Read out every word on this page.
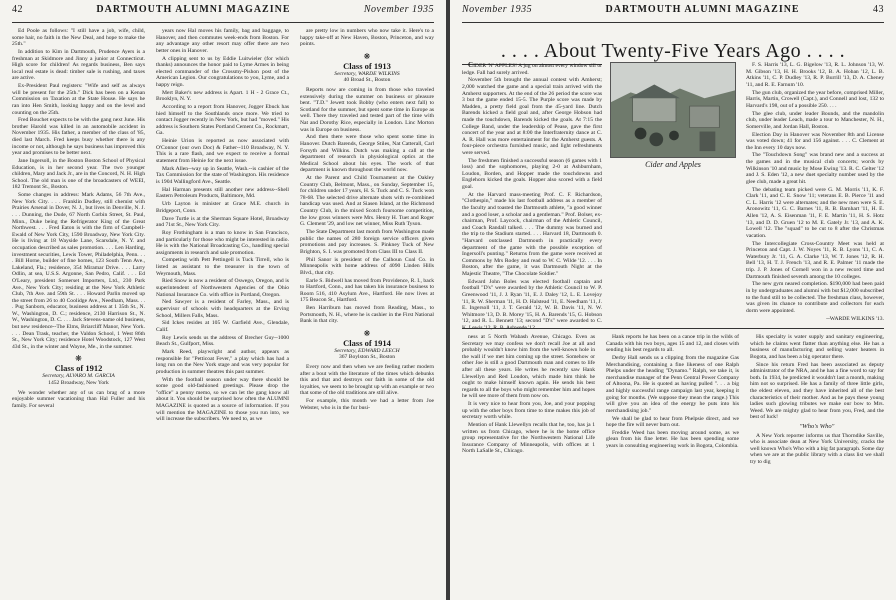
42	DARTMOUTH ALUMNI MAGAZINE	November 1935

Ed Poole as follows: "I still have a job, wife, child, some hair, no faith in the New Deal, and hope to make the 25th."

In addition to Kim in Dartmouth, Prudence Ayers is a freshman at Skidmore and Jinny a junior at Connecticut. High score for children! As regards business, Ben says local real estate is dead: timber sale is rushing, and taxes are active.

Ex-President Paul registers: "Wife and self as always will be present for the 25th." Dick has been on a Kenan Commission on Taxation at the State House. He says he ran into Hen Smith, looking happy and on the level and counting on the 25th.

Fred Bouchet expects to be with the gang next June. His brother Harold was killed in an automobile accident in November 1935. His father, a member of the class of '85, died last March. Fred keeps busy whether there is any income or not, although he says business has improved this year and promises to be better next.

Jane Ingersoll, in the Boston Boston School of Physical Education, is in her second year. The two younger children, Mary and Jack Jr., are in the Concord, N. H. High School. The old man is one of the broadcasters of WEEI, 182 Tremont St., Boston.

Some changes in address: Mark Adams, 56 7th Ave., New York City. . . . Franklin Dudley, still chemist with Prairies Arsenal in Dover, N. J., but lives in Denville, N. J. . . . Dunning, the Dude, 67 North Corbin Street, St. Paul, Minn., Duke being the Refrigerator King of the Great Northwest. . . . Fred Eaton is with the firm of Campbell-Ewald of New York City, 1590 Broadway, New York City. He is living at 18 Wayside Lane, Scarsdale, N. Y. and occupation described as sales promotion. . . . Len Harding, investment securities, Lewis Tower, Philadelphia, Penn. . . . Bill Horne, builder of fine homes, 123 South Tenn Ave., Lakeland, Fla.; residence, 354 Miramar Drive. . . . Larry Odlin, at sea, U.S.S. Argonne, San Pedro, Calif. . . . Ed O'Leary, president Somerset Importers, Ltd., 230 Park Ave., New York City; residing at the New York Athletic Club, 7th Ave. and 59th St. . . . Howard Parlin moved up the street from 26 to 40 Coolidge Ave., Needham, Mass. . . . Pug Sanborn, educator, business address at 1 35th St., N. W., Washington, D. C.; residence, 2130 Harrison St., N. W., Washington, D. C. . . . Jack Stevens-name old business, but new residence--The Elms, Briarcliff Manor, New York. . . . Dean Trask, teacher, the Valdon School, 1 West 86th St., New York City; residence Hotel Woodstock, 127 West 43d St., in the winter and Wayne, Me., in the summer.

❋
Class of 1912
Secretary, ALVARO M. GARCIA
1452 Broadway, New York

We wonder whether any of us can brag of a more enjoyable summer vacationing than Hal Fuller and his family. For several

years now Hal moves his family, bag and baggage, to Hanover, and then commutes week-ends from Boston. For any advantage any other resort may offer there are two better ones in Hanover.

A clipping sent to us by Eddie Luitwieler (for which thanks) announces the honor paid to Lyme Armes in being elected commander of the Crossmy-Pishon post of the American Legion. Our congratulations to you, Lyme, and a happy reign.

Mert Baker's new address is Apart. 1 H - 2 Grace Ct., Brooklyn, N. Y.

According to a report from Hanover, Jogger Ebuck has hied himself to the Southlands once more. We tried to contact Jogger recently in New York, but had "moved." His address is Southern States Portland Cement Co., Rockmart, Ga.

Heinie Urion is reported as now associated with O'Connor (our own Doc) & Father--110 Broadway, N. Y. This is a rare flash, and we expect to receive a formal statement from Heinie for the next issue.

Mark Allen--way up in Seattle, Wash.--is cashier of the Tax Commission for the state of Washington. His residence is 1904 Wallingford Ave., Seattle.

Hal Harman presents still another new address--Shell Eastern Petroleum Products, Baltimore, Md.

Urb Layton is minister at Grace M.E. church in Bridgeport, Conn.

Dave Turtle is at the Sherman Square Hotel, Broadway and 71st St., New York City.

Roy Frothingham is a man to know in San Francisco, and particularly for those who might be interested in radio. He is with the National Broadcasting Co., handling special assignments in research and sale promotion.

Competing with Pett Pettingell is Tuck Tirrell, who is listed as assistant to the treasurer in the town of Weymouth, Mass.

Ried Snow is now a resident of Oswego, Oregon, and is superintendent of Northwestern Agencies of the Ohio National Insurance Co. with office in Portland, Oregon.

Ned Sawyer is a resident of Farley, Mass., and is supervisor of schools with headquarters at the Erving School, Millers Falls, Mass.

Sid Ickes resides at 105 W. Garfield Ave., Glendale, Calif.

Roy Lewis sends us the address of Brecher Guy--1000 Beach St., Gulfport, Miss.

Mark Reed, playwright and author, appears as responsible for "Petticoat Fever," a play which has had a long run on the New York stage and was very popular for production in summer theatres this past summer.

With the football season under way there should be some good old-fashioned greetings. Please drop the "office" a penny memo, so we can let the gang know all about it. You should be surprised how often the ALUMNI MAGAZINE is quoted as a source of information. If you will mention the MAGAZINE to those you run into, we will increase the subscribers. We need to, as we

are pretty low in numbers who now take it. Here's to a happy take-off at New Haven, Boston, Princeton, and way points.

❋
Class of 1913
Secretary, WARDE WILKINS
40 Broad St., Boston

Reports now are coming in from those who traveled extensively during the summer on business or pleasure bent. "T.D." Jewett took Bobby (who enters next fall) to Scotland for the summer, but spent some time in Europe as well. There they traveled and tested part of the time with Nat and Dorothy Rice, especially in London. Linc Morton was in Europe on business.

And then there were those who spent some time in Hanover. Dutch Barends, George Stiles, Nat Catterall, Carl Forsyth and Wilkins. Dutch was making a call at the department of research in physiological optics at the Medical School about his eyes. The work of that department is known throughout the world now.

At the Parent and Child Tournament at the Oakley Country Club, Belmont, Mass., on Sunday, September 15, for children under 17 years, H. S. Tuck and C. S. Tuck won 78-68. The selected drive alternate shots with re-combined handicap was used. And at Siasen Island, at the Richmond Country Club, in the mixed Scotch foursome competition, the low gross winners were Mrs. Henry H. Tuet and Roger G. Clement '29, and low net winner, Miss Ruth Tyson.

The State Department last month from Washington made public the names of 280 foreign service officers given promotions and pay increases. S. Pinkney Tuck of New Brighton, S. I. was promoted from Class III to Class II.

Phil Sanor is president of the Calhoun Coal Co. in Minneapolis with home address of 4090 Linden Hills Blvd., that city.

Earle S. Bidwell has moved from Providence, R. I., back to Hartford, Conn., and has taken his insurance business to Room 516, 410 Asylum Ave., Hartford. He now lives at 175 Beacon St., Hartford.

Ben Harriburn has moved from Reading, Mass., to Portsmouth, N. H., where he is cashier in the First National Bank in that city.

❋
Class of 1914
Secretary, EDWARD LEECH
367 Boylston St., Boston

Every now and then when we are feeling rather modern after a bout with the literature of the times which debunks this and that and destroys our faith in some of the old loyalties, we seem to be brought up with an example or two that some of the old traditions are still alive.

For example, this month we had a letter from Joe Webster, who is in the fur busi-

November 1935	DARTMOUTH ALUMNI MAGAZINE	43
. . . . About Twenty-Five Years Ago . . . .

CIDER 'N' APPLES! A jug on almost every window sill or ledge. Fall had surely arrived.

November 5th brought the annual contest with Amherst; 2,000 watched the game and a special train arrived with the Amherst supporters. At the end of the 26 period the score was 3 but the game ended 15-5. The Purple score was made by Madden, a pretty field goal from the 45-yard line. Dutch Barends kicked a field goal and, after George Hobson had made the touchdown, Barends kicked the goals. At 7:15 the College Band, under the leadership of Pease, gave the first concert of the year and at 8:00 the Interfraternity dance at C. A. R. Hall was more entertainment for the Amherst guests. A four-piece orchestra furnished music, and light refreshments were served.

The freshmen finished a successful season (6 games with 1 loss) and the sophomores, playing 2-0 at Ashburnham, Loudon, Borden, and Hopper made the touchdowns and Englehorn kicked the goals. Hopper also scored with a field goal.

At the Harvard mass-meeting Prof. C. F. Richardson, "Clothespin," made his last football address as a member of the faculty and toasted the Dartmouth athlete, "a good winner and a good loser, a scholar and a gentleman." Prof. Bolser, ex-chairman, Prof. Laycock, chairman of the Athletic Council, and Coach Randall talked. . . . The dummy was burned and the trip to the Stadium started. . . . Harvard 18, Dartmouth 0. "Harvard outclassed Dartmouth in practically every department of the game with the possible exception of Ingersoll's punting." Returns from the game were received at Commons by Mrs Rodey and read to W. C. Wilde '12. . . . In Boston, after the game, it was Dartmouth Night at the Majestic Theatre, "The Chocolate Soldier."

Edward John Boles was elected football captain and football "D's" were awarded by the Athletic Council to W. P. Greenwood '11, J. J. Ryan '11, E. J. Daley '12, L. E. Lovejoy '11, R. W. Sherman '11, H. D. Halstead '11, E. Needham '11, J. E. Ingersoll '11, J. T. Gerald '12, W. B. Davis '11, N. W. Whitmore '13, D. B. Morey '15, H. A. Barends '15, G. Hobson '12, and R. L. Bennett '13; second "D's" were awarded to C.

Cider and Apples

F. S. Harris '13, L. G. Bigelow '13, R. L. Johnson '13, W. M. Gibson '13, H. H. Brooks '12, B. A. Hoban '12, L. B. Atkins '11, C. P. Dudley '13, R. P. Burrill '13, D. A. Cheney '11, and R. E. Farnum '10.

The gun club, organized the year before, comprised Miller, Harris, Martin, Crowell (Capt.), and Connell and lost, 132 to Harvard's 198, out of a possible 250. . . .

The glee club, under leader Bounds, and the mandolin club, under leader Leach, made a tour to Manchester, N. H., Somerville, and Jordan Hall, Boston.

Election Day in Hanover was November 8th and License was voted down; 41 for and 156 against. . . . C. Clement at the Inn every 10 days now.

The "Touchdown Song" was brand new and a success at the games and in the musical club concerts; words by Wilkinson '10 and music by Mose Ewing '13. R. C. Gelter '12 and J. S. Eden '12, a new duet specialty number used by the glee club, made a great hit.

The debating team picked were G. M. Morris '11, K. F. Clark '11, and C. E. Snow '11; veterans E. B. Pierce '11 and C. L. Harris '12 were alternates; and the new men were S. E. Aronowitz '11, G. C. Barnes '11, R. B. Barnhart '11, H. E. Allen '12, A. S. Eisenman '11, F. E. Martin '11, H. S. Hotz '13, and D. D. Gruen '12 to M. E. Gately Jr. '13, and A. K. Lowell '12. The "squad" to be cut to 8 after the Christmas vacation.

The Intercollegiate Cross-Country Meet was held at Princeton and Capt. J. W. Noyes '11, R. B. Lyons '11, C. A. Waterbury Jr. '11, G. A. Clarke '13, W. T. Jones '12, R. H. Bell '13, H. T. J. French '13, and R. E. Palmer '11 made the trip. J. P. Jones of Cornell won in a new record time and Dartmouth finished seventh among the 10 colleges.

The new gym neared completion. $190,000 had been paid in by undergraduates and alumni with but $12,000 subscribed to the fund still to be collected. The freshman class, however, was given its chance to contribute and collectors for each dorm were appointed.

--WARDE WILKINS '13.

ness at 5 North Wabash Avenue, Chicago. Even as Secretary we may confess we don't recall Joe at all and probably wouldn't know him from the well-known hole in the wall if we met him coming up the street. Somehow or other Joe is still a good Dartmouth man and comes to life after all these years. He writes he recently saw Hank Llewellyn and Red Loudon, which made him think he ought to make himself known again. He sends his best regards to all the boys who might remember him and hopes he will see more of them from now on.

It is very nice to hear from you, Joe, and your popping up with the other boys from time to time makes this job of secretary worth while.

Mention of Hank Llewellyn recalls that he, too, has ja 1 written us from Chicago, where he is the home office group representative for the Northwestern National Life Insurance Company of Minneapolis, with offices at 1 North LaSalle St., Chicago.

Hank reports he has been on a canoe trip in the wilds of Canada with his two boys, ages 15 and 12, and closes with sending his best regards to all.

Derby Hall sends us a clipping from the magazine Gas Merchandising, containing a fine likeness of one Ralph Phelps under the heading "Dynamo." Ralph, we take it, is merchandise manager of the Penn Central Power Company of Altoona, Pa. He is quoted as having pulled ". . . a big and highly successful range campaign last year, keeping it going for months. (We suppose they mean the range.) This will give you an idea of the energy he puts into his merchandising job."

We shall be glad to hear from Phelpsie direct, and we hope the fire will never burn out.

Freddie Weed has been moving around some, as we glean from his fine letter. He has been spending some years in consulting engineering work in Bogota, Colombia.

His specialty is water supply and sanitary engineering, which he claims went flatter than anything else. He has a business of manufacturing and selling water heaters in Bogota, and has been a big operator there.

Since his return Fred has been associated as deputy administrator of the NRA, and he has a fine word to say for both. In 1934, he predicted it wouldn't last a month, making him not so surprised. He has a family of three little girls, the eldest eleven, and they have inherited all of the best characteristics of their mother. And as he pays these young ladies such glowing tributes we make our bow to Mrs. Weed. We are mighty glad to hear from you, Fred, and the best of luck!

"Who's Who"

A New York reporter informs us that Thorndike Saville, who is associate dean at New York University, cracks the well known Who's Who with a big fat paragraph. Some day when we are at the public library with a class list we shall try to dig
